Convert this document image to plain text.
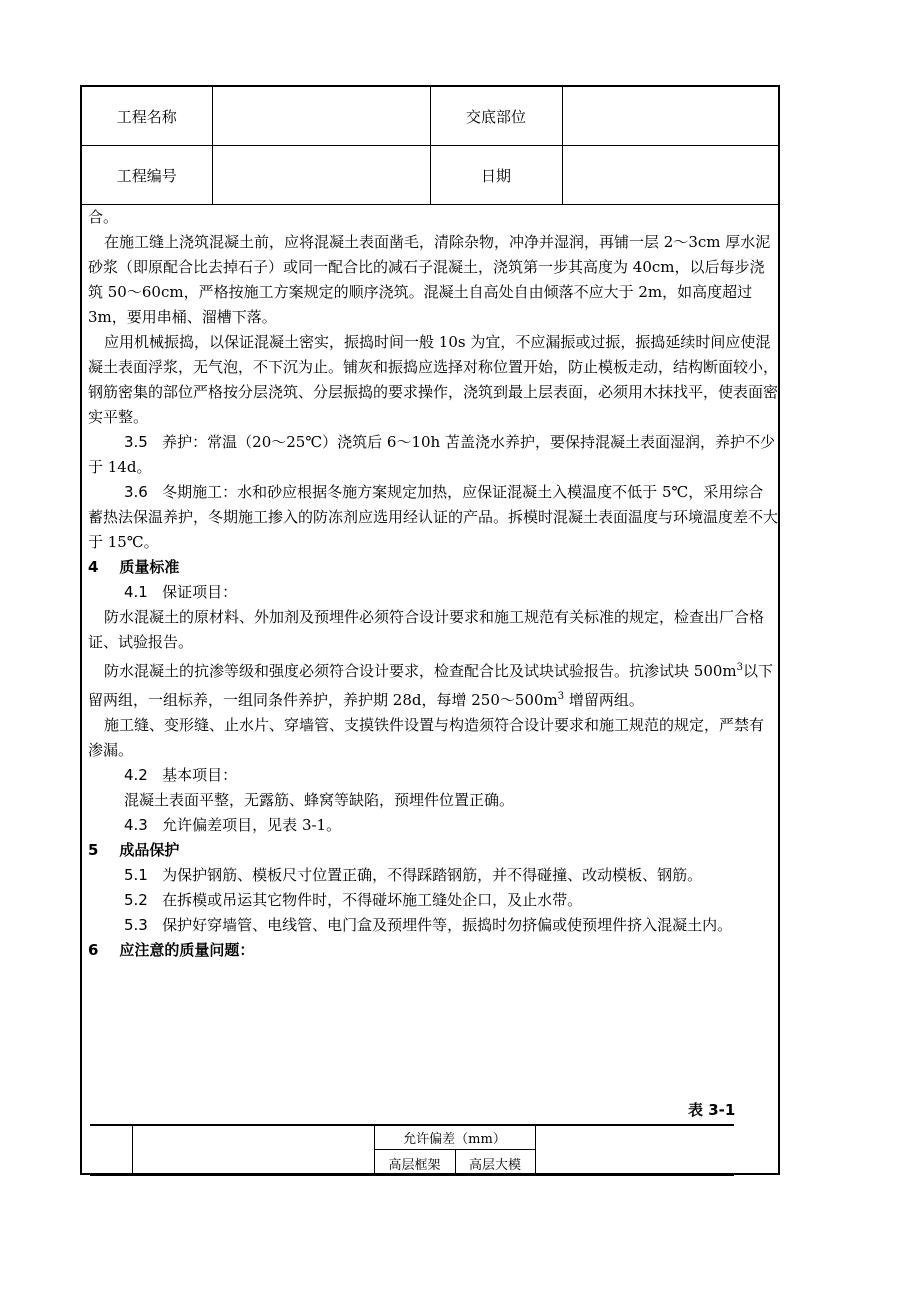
工程名称		交底部位	
工程编号		日期	

合。

在施工缝上浇筑混凝土前，应将混凝土表面凿毛，清除杂物，冲净并湿润，再铺一层 2～3cm 厚水泥砂浆（即原配合比去掉石子）或同一配合比的减石子混凝土，浇筑第一步其高度为 40cm，以后每步浇筑 50～60cm，严格按施工方案规定的顺序浇筑。混凝土自高处自由倾落不应大于 2m，如高度超过 3m，要用串桶、溜槽下落。

应用机械振捣，以保证混凝土密实，振捣时间一般 10s 为宜，不应漏振或过振，振捣延续时间应使混凝土表面浮浆，无气泡，不下沉为止。铺灰和振捣应选择对称位置开始，防止模板走动，结构断面较小，钢筋密集的部位严格按分层浇筑、分层振捣的要求操作，浇筑到最上层表面，必须用木抹找平，使表面密实平整。

3.5 养护：常温（20～25℃）浇筑后 6～10h 苫盖浇水养护，要保持混凝土表面湿润，养护不少于 14d。

3.6 冬期施工：水和砂应根据冬施方案规定加热，应保证混凝土入模温度不低于 5℃，采用综合蓄热法保温养护，冬期施工掺入的防冻剂应选用经认证的产品。拆模时混凝土表面温度与环境温度差不大于 15℃。

4 质量标准

4.1 保证项目：

防水混凝土的原材料、外加剂及预埋件必须符合设计要求和施工规范有关标准的规定，检查出厂合格证、试验报告。

防水混凝土的抗渗等级和强度必须符合设计要求，检查配合比及试块试验报告。抗渗试块 $500m^3$以下留两组，一组标养，一组同条件养护，养护期 28d，每增 $250\sim 500m^3$ 增留两组。

施工缝、变形缝、止水片、穿墙管、支摸铁件设置与构造须符合设计要求和施工规范的规定，严禁有渗漏。

4.2 基本项目：

混凝土表面平整，无露筋、蜂窝等缺陷，预埋件位置正确。

4.3 允许偏差项目，见表 3-1。

5 成品保护

5.1 为保护钢筋、模板尺寸位置正确，不得踩踏钢筋，并不得碰撞、改动模板、钢筋。

5.2 在拆模或吊运其它物件时，不得碰坏施工缝处企口，及止水带。

5.3 保护好穿墙管、电线管、电门盒及预埋件等，振捣时勿挤偏或使预埋件挤入混凝土内。

6 应注意的质量问题：

表 3-1
允许偏差（mm）
高层框架	高层大模
